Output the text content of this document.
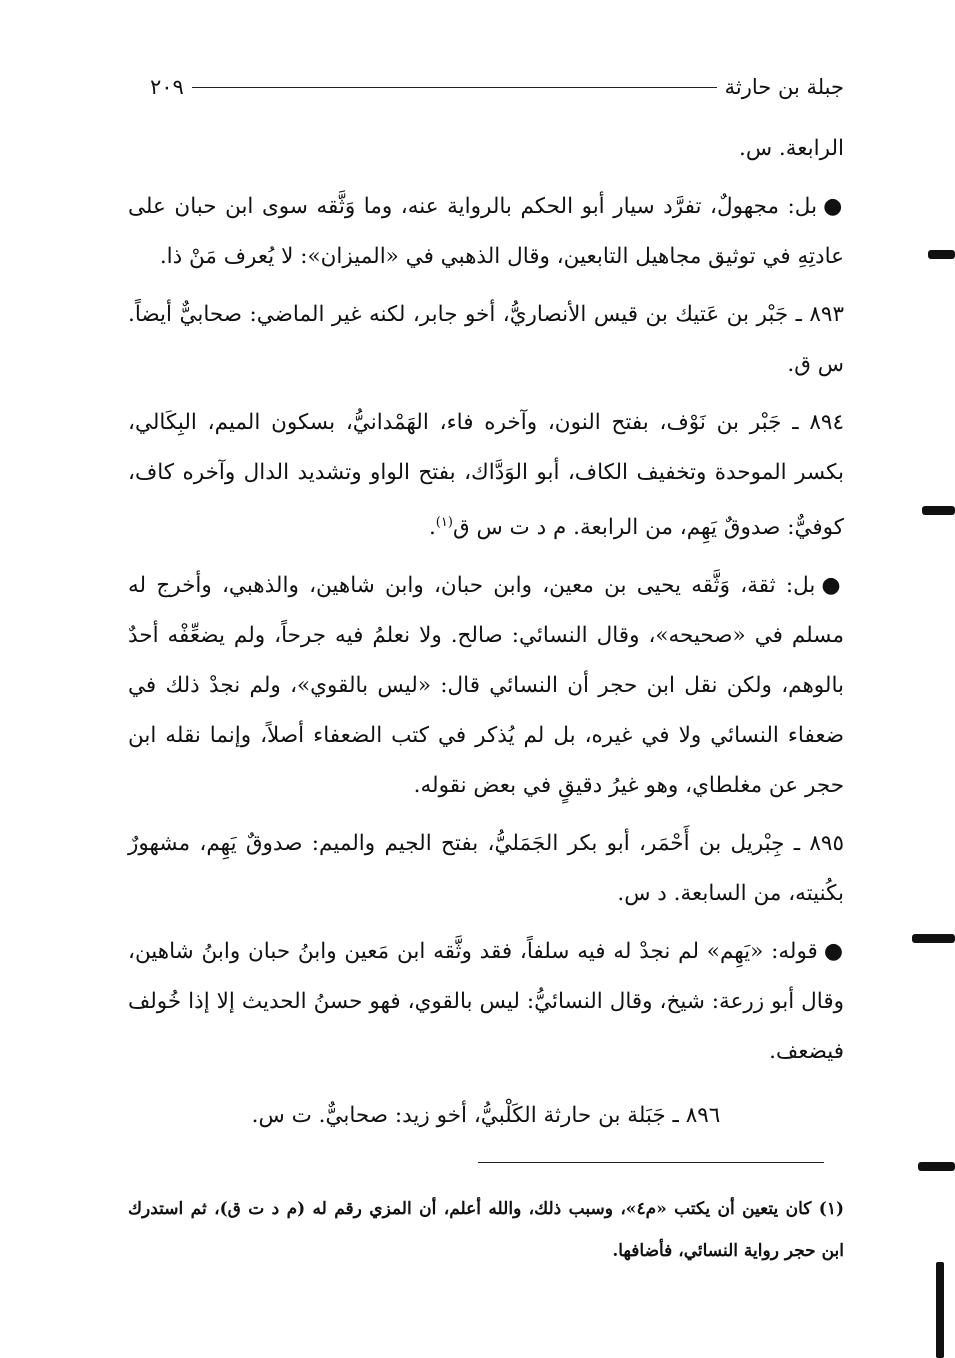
جبلة بن حارثة
٢٠٩

الرابعة. س.

●بل: مجهولٌ، تفرَّد سيار أبو الحكم بالرواية عنه، وما وَثَّقه سوى ابن حبان على عادتِهِ في توثيق مجاهيل التابعين، وقال الذهبي في «الميزان»: لا يُعرف مَنْ ذا.

٨٩٣ ـ جَبْر بن عَتيك بن قيس الأنصاريُّ، أخو جابر، لكنه غير الماضي: صحابيٌّ أيضاً. س ق.

٨٩٤ ـ جَبْر بن نَوْف، بفتح النون، وآخره فاء، الهَمْدانيُّ، بسكون الميم، البِكَالي، بكسر الموحدة وتخفيف الكاف، أبو الوَدَّاك، بفتح الواو وتشديد الدال وآخره كاف، كوفيٌّ: صدوقٌ يَهِم، من الرابعة. م د ت س ق$^{(١)}$.

●بل: ثقة، وَثَّقه يحيى بن معين، وابن حبان، وابن شاهين، والذهبي، وأخرج له مسلم في «صحيحه»، وقال النسائي: صالح. ولا نعلمُ فيه جرحاً، ولم يضعِّفْه أحدٌ بالوهم، ولكن نقل ابن حجر أن النسائي قال: «ليس بالقوي»، ولم نجدْ ذلك في ضعفاء النسائي ولا في غيره، بل لم يُذكر في كتب الضعفاء أصلاً، وإنما نقله ابن حجر عن مغلطاي، وهو غيرُ دقيقٍ في بعض نقوله.

٨٩٥ ـ جِبْريل بن أَحْمَر، أبو بكر الجَمَليُّ، بفتح الجيم والميم: صدوقٌ يَهِم، مشهورٌ بكُنيته، من السابعة. د س.

●قوله: «يَهِم» لم نجدْ له فيه سلفاً، فقد وثَّقه ابن مَعين وابنُ حبان وابنُ شاهين، وقال أبو زرعة: شيخ، وقال النسائيُّ: ليس بالقوي، فهو حسنُ الحديث إلا إذا خُولف فيضعف.

٨٩٦ ـ جَبَلة بن حارثة الكَلْبيُّ، أخو زيد: صحابيٌّ. ت س.

(١) كان يتعين أن يكتب «م٤»، وسبب ذلك، والله أعلم، أن المزي رقم له (م د ت ق)، ثم استدرك ابن حجر رواية النسائي، فأضافها.
